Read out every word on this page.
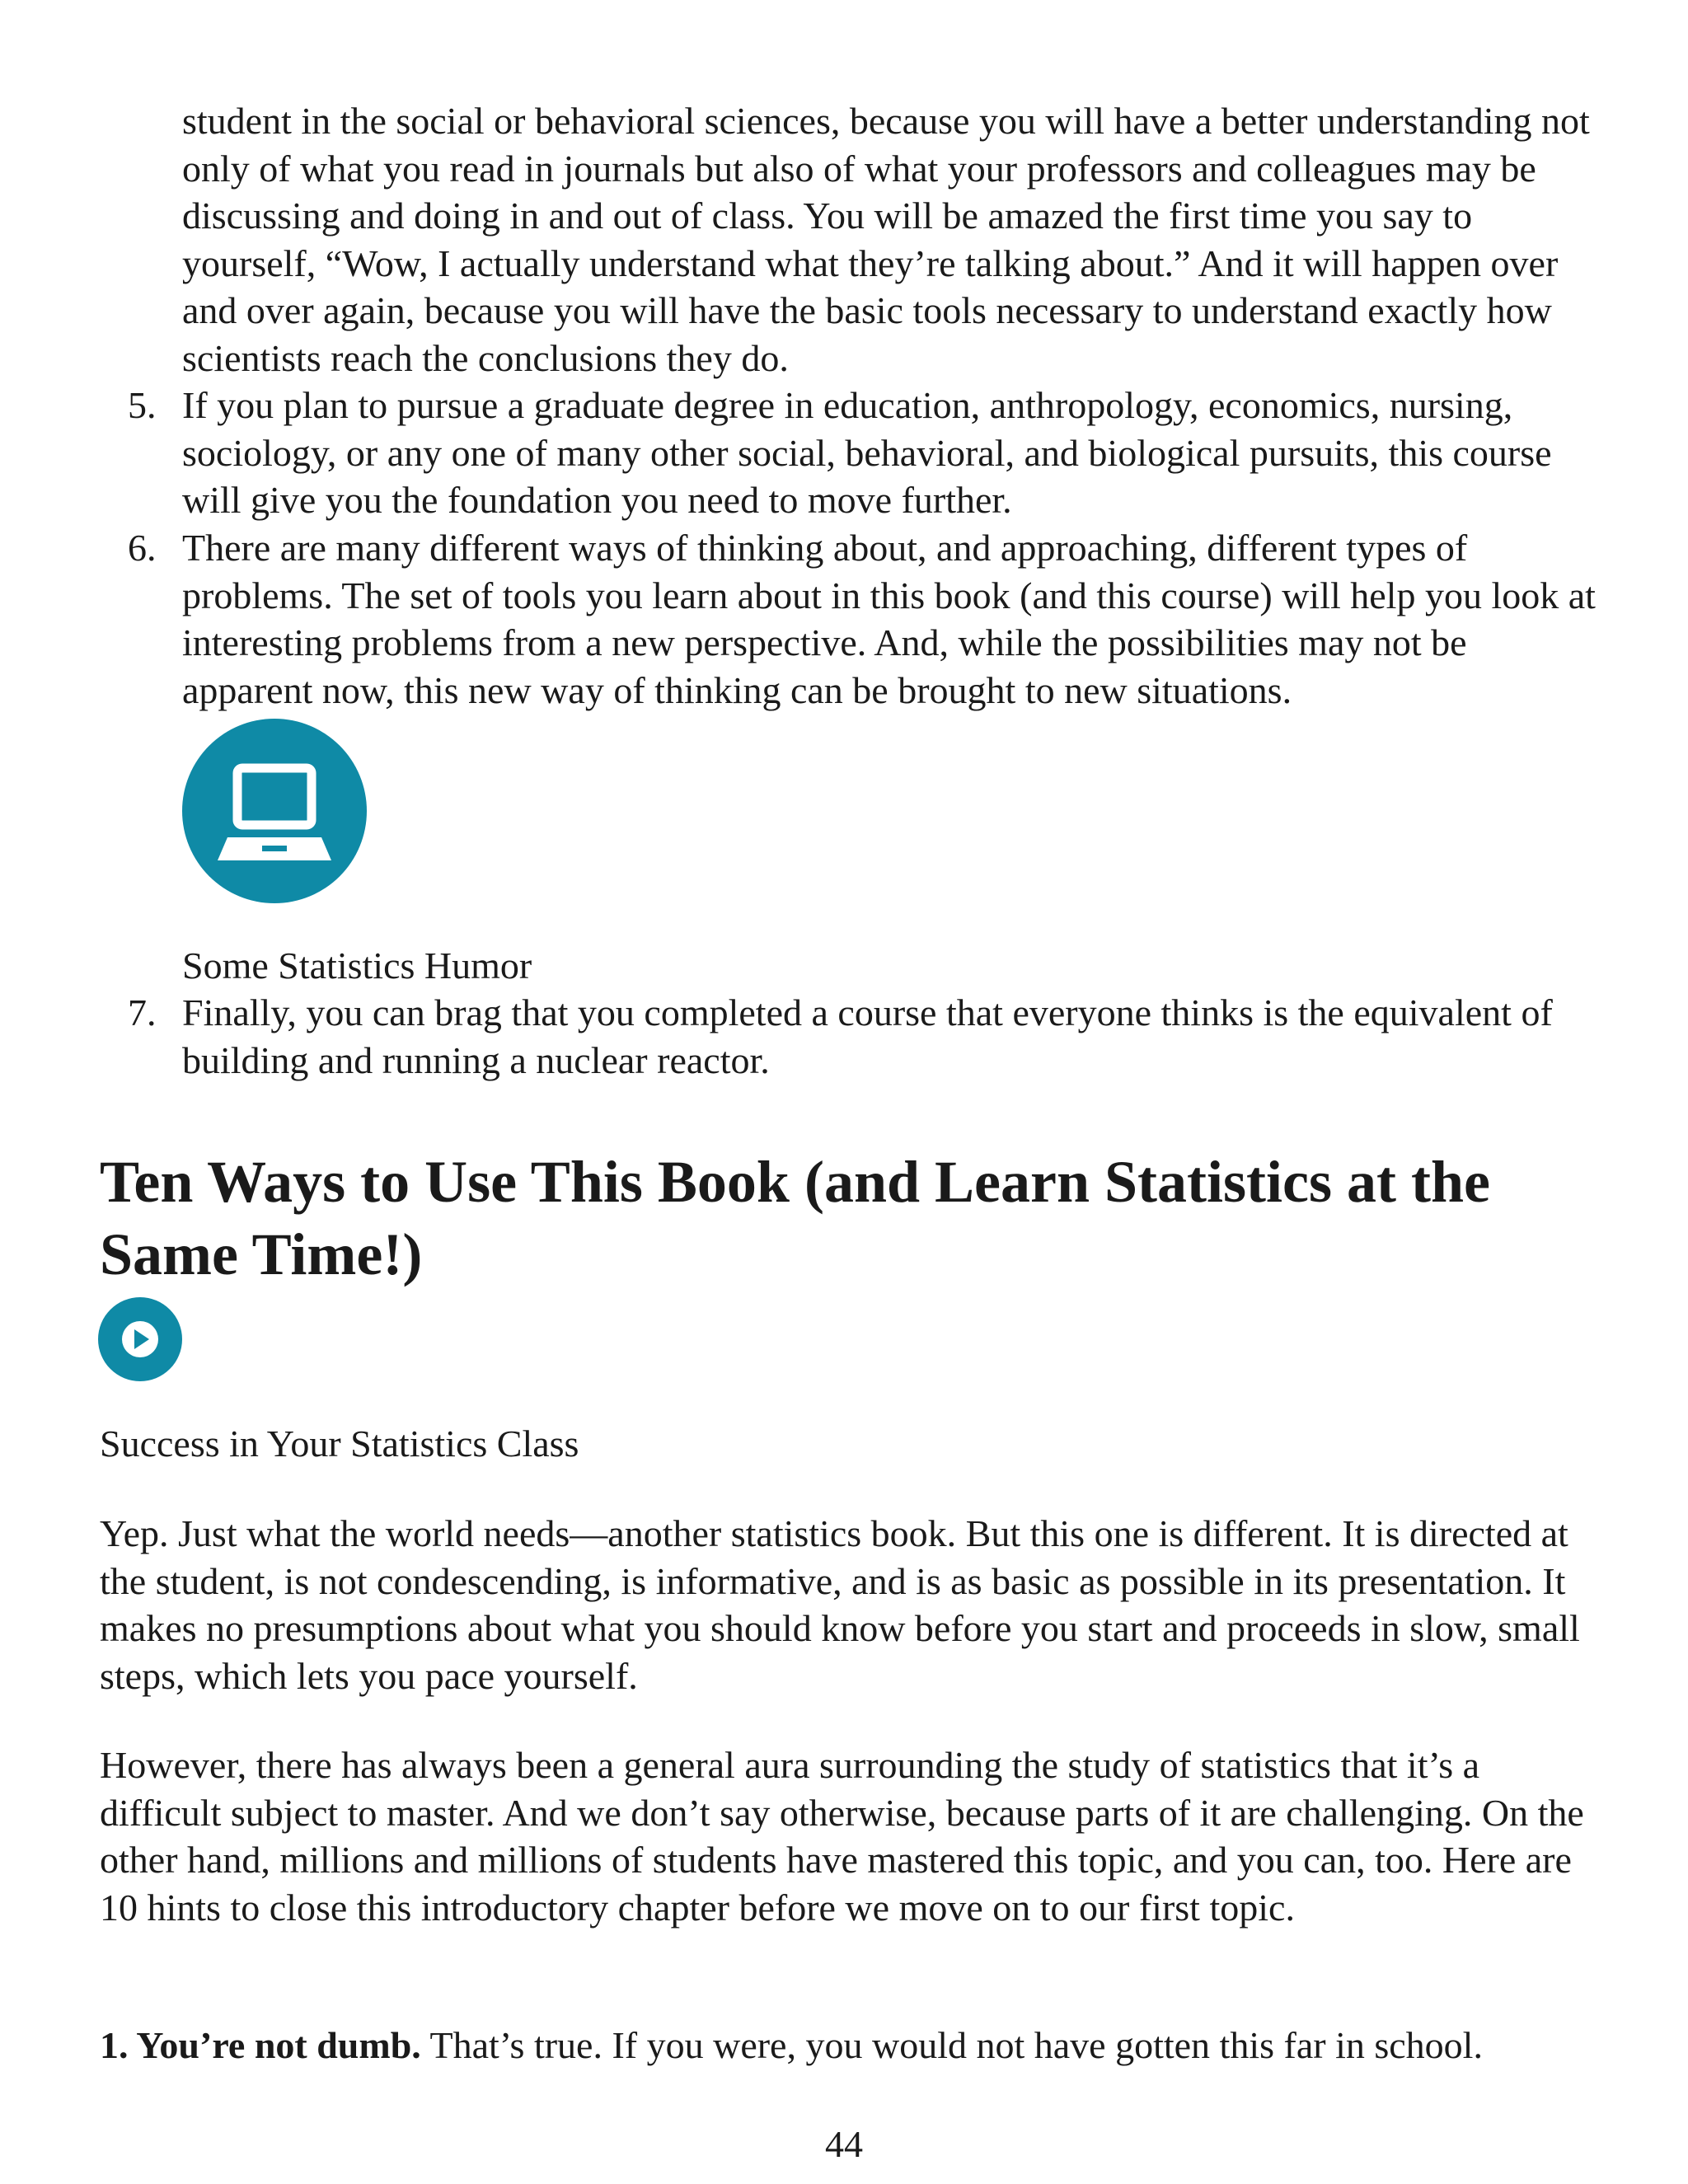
student in the social or behavioral sciences, because you will have a better understanding not only of what you read in journals but also of what your professors and colleagues may be discussing and doing in and out of class. You will be amazed the first time you say to yourself, “Wow, I actually understand what they’re talking about.” And it will happen over and over again, because you will have the basic tools necessary to understand exactly how scientists reach the conclusions they do.
5. If you plan to pursue a graduate degree in education, anthropology, economics, nursing, sociology, or any one of many other social, behavioral, and biological pursuits, this course will give you the foundation you need to move further.
6. There are many different ways of thinking about, and approaching, different types of problems. The set of tools you learn about in this book (and this course) will help you look at interesting problems from a new perspective. And, while the possibilities may not be apparent now, this new way of thinking can be brought to new situations.
Some Statistics Humor
7. Finally, you can brag that you completed a course that everyone thinks is the equivalent of building and running a nuclear reactor.
Ten Ways to Use This Book (and Learn Statistics at the Same Time!)
Success in Your Statistics Class
Yep. Just what the world needs—another statistics book. But this one is different. It is directed at the student, is not condescending, is informative, and is as basic as possible in its presentation. It makes no presumptions about what you should know before you start and proceeds in slow, small steps, which lets you pace yourself.
However, there has always been a general aura surrounding the study of statistics that it’s a difficult subject to master. And we don’t say otherwise, because parts of it are challenging. On the other hand, millions and millions of students have mastered this topic, and you can, too. Here are 10 hints to close this introductory chapter before we move on to our first topic.
1. You’re not dumb. That’s true. If you were, you would not have gotten this far in school.
44
